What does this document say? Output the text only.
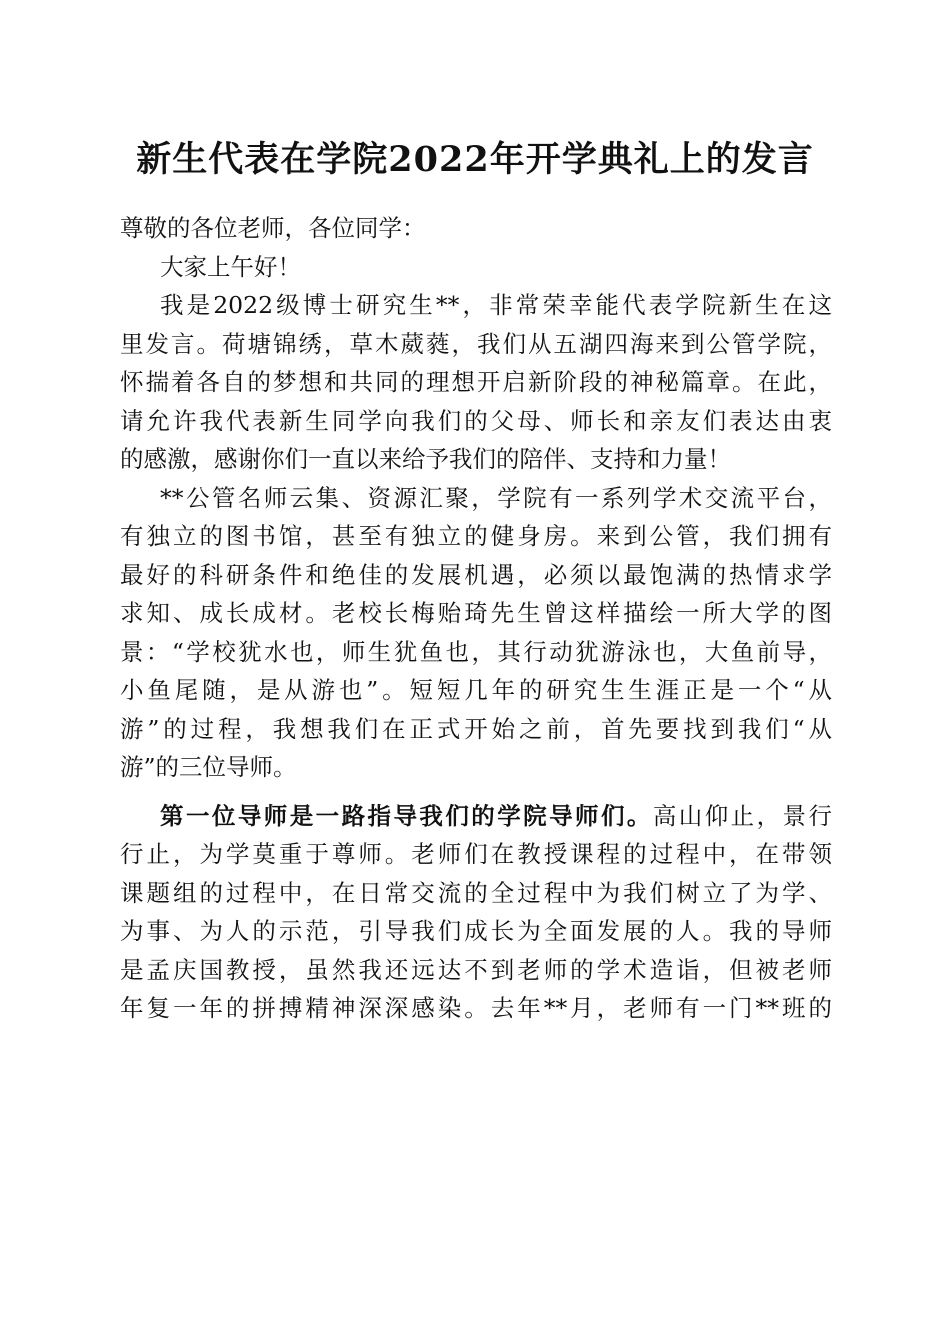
新生代表在学院2022年开学典礼上的发言
尊敬的各位老师，各位同学：
大家上午好！
我是2022级博士研究生**，非常荣幸能代表学院新生在这
里发言。荷塘锦绣，草木葳蕤，我们从五湖四海来到公管学院，
怀揣着各自的梦想和共同的理想开启新阶段的神秘篇章。在此，
请允许我代表新生同学向我们的父母、师长和亲友们表达由衷
的感激，感谢你们一直以来给予我们的陪伴、支持和力量！
**公管名师云集、资源汇聚，学院有一系列学术交流平台，
有独立的图书馆，甚至有独立的健身房。来到公管，我们拥有
最好的科研条件和绝佳的发展机遇，必须以最饱满的热情求学
求知、成长成材。老校长梅贻琦先生曾这样描绘一所大学的图
景：“学校犹水也，师生犹鱼也，其行动犹游泳也，大鱼前导，
小鱼尾随，是从游也”。短短几年的研究生生涯正是一个“从
游”的过程，我想我们在正式开始之前，首先要找到我们“从
游”的三位导师。
第一位导师是一路指导我们的学院导师们。高山仰止，景行
行止，为学莫重于尊师。老师们在教授课程的过程中，在带领
课题组的过程中，在日常交流的全过程中为我们树立了为学、
为事、为人的示范，引导我们成长为全面发展的人。我的导师
是孟庆国教授，虽然我还远达不到老师的学术造诣，但被老师
年复一年的拼搏精神深深感染。去年**月，老师有一门**班的
